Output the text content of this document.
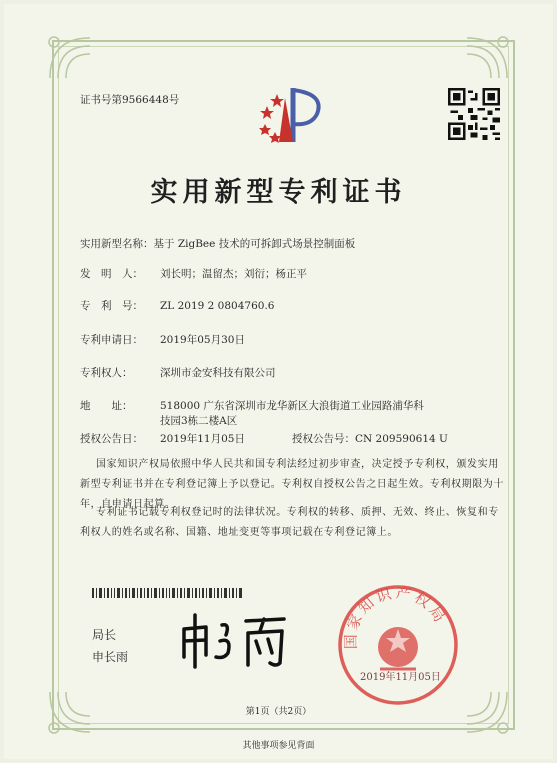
证书号第9566448号
实用新型专利证书
实用新型名称：基于 ZigBee 技术的可拆卸式场景控制面板
发　明　人： 刘长明；温留杰；刘衍；杨正平
专　利　号： ZL 2019 2 0804760.6
专利申请日： 2019年05月30日
专利权人：	深圳市金安科技有限公司
地　　址：	518000 广东省深圳市龙华新区大浪街道工业园路浦华科
技园3栋二楼A区
授权公告日： 2019年11月05日	授权公告号：CN 209590614 U
国家知识产权局依照中华人民共和国专利法经过初步审查，决定授予专利权，颁发实用
新型专利证书并在专利登记簿上予以登记。专利权自授权公告之日起生效。专利权期限为十
年，自申请日起算。
专利证书记载专利权登记时的法律状况。专利权的转移、质押、无效、终止、恢复和专
利权人的姓名或名称、国籍、地址变更等事项记载在专利登记簿上。
局长
申长雨
国家知识产权局
2019年11月05日
第1页（共2页）
其他事项参见背面
